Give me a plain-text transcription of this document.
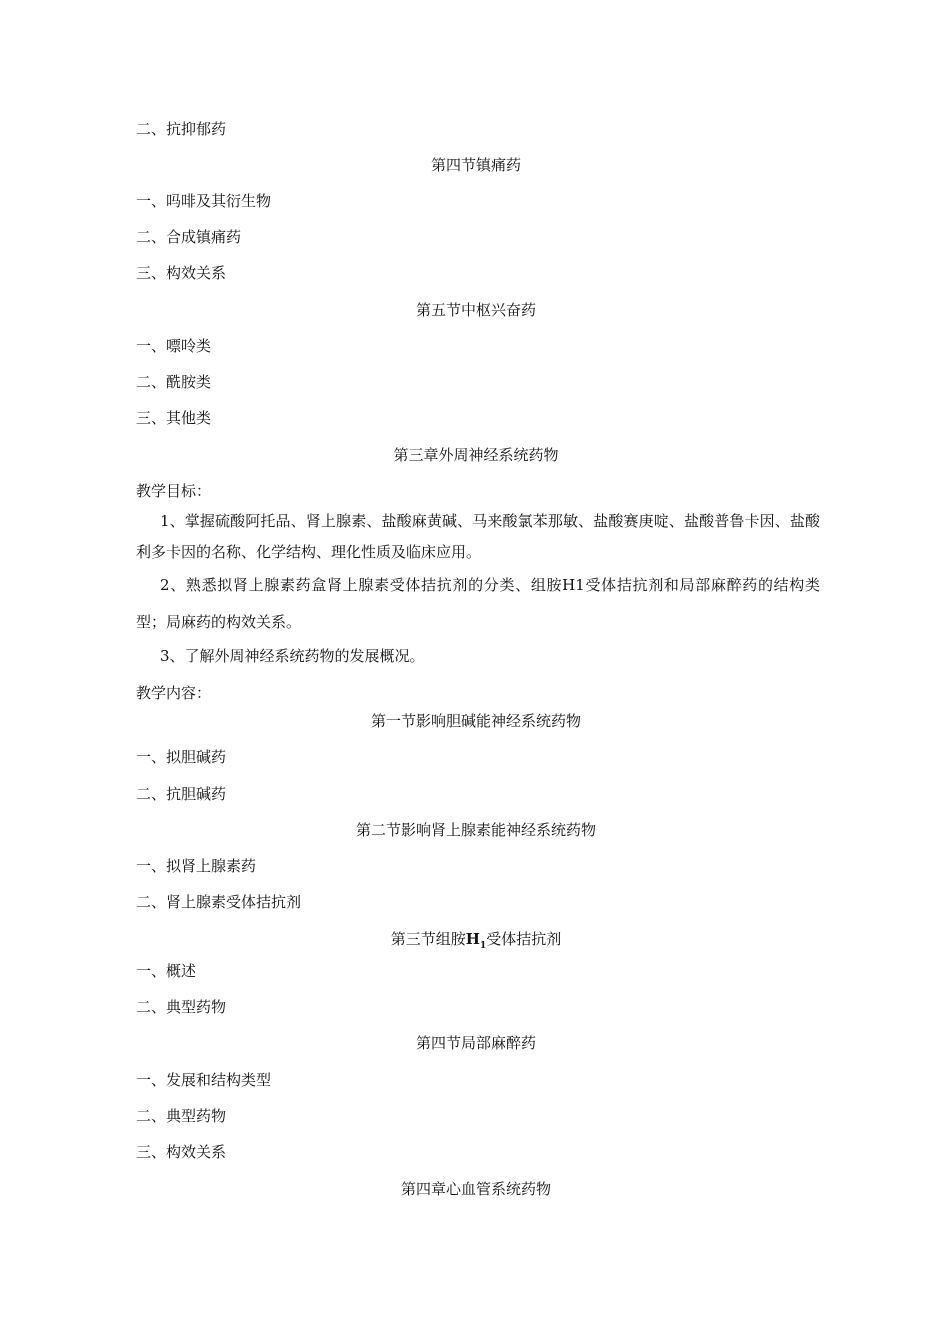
二、抗抑郁药
第四节镇痛药
一、吗啡及其衍生物
二、合成镇痛药
三、构效关系
第五节中枢兴奋药
一、嘌呤类
二、酰胺类
三、其他类
第三章外周神经系统药物
教学目标：
1、掌握硫酸阿托品、肾上腺素、盐酸麻黄碱、马来酸氯苯那敏、盐酸赛庚啶、盐酸普鲁卡因、盐酸利多卡因的名称、化学结构、理化性质及临床应用。
2、熟悉拟肾上腺素药盒肾上腺素受体拮抗剂的分类、组胺H1受体拮抗剂和局部麻醉药的结构类型；局麻药的构效关系。
3、了解外周神经系统药物的发展概况。
教学内容：
第一节影响胆碱能神经系统药物
一、拟胆碱药
二、抗胆碱药
第二节影响肾上腺素能神经系统药物
一、拟肾上腺素药
二、肾上腺素受体拮抗剂
第三节组胺$H_1$受体拮抗剂
一、概述
二、典型药物
第四节局部麻醉药
一、发展和结构类型
二、典型药物
三、构效关系
第四章心血管系统药物
